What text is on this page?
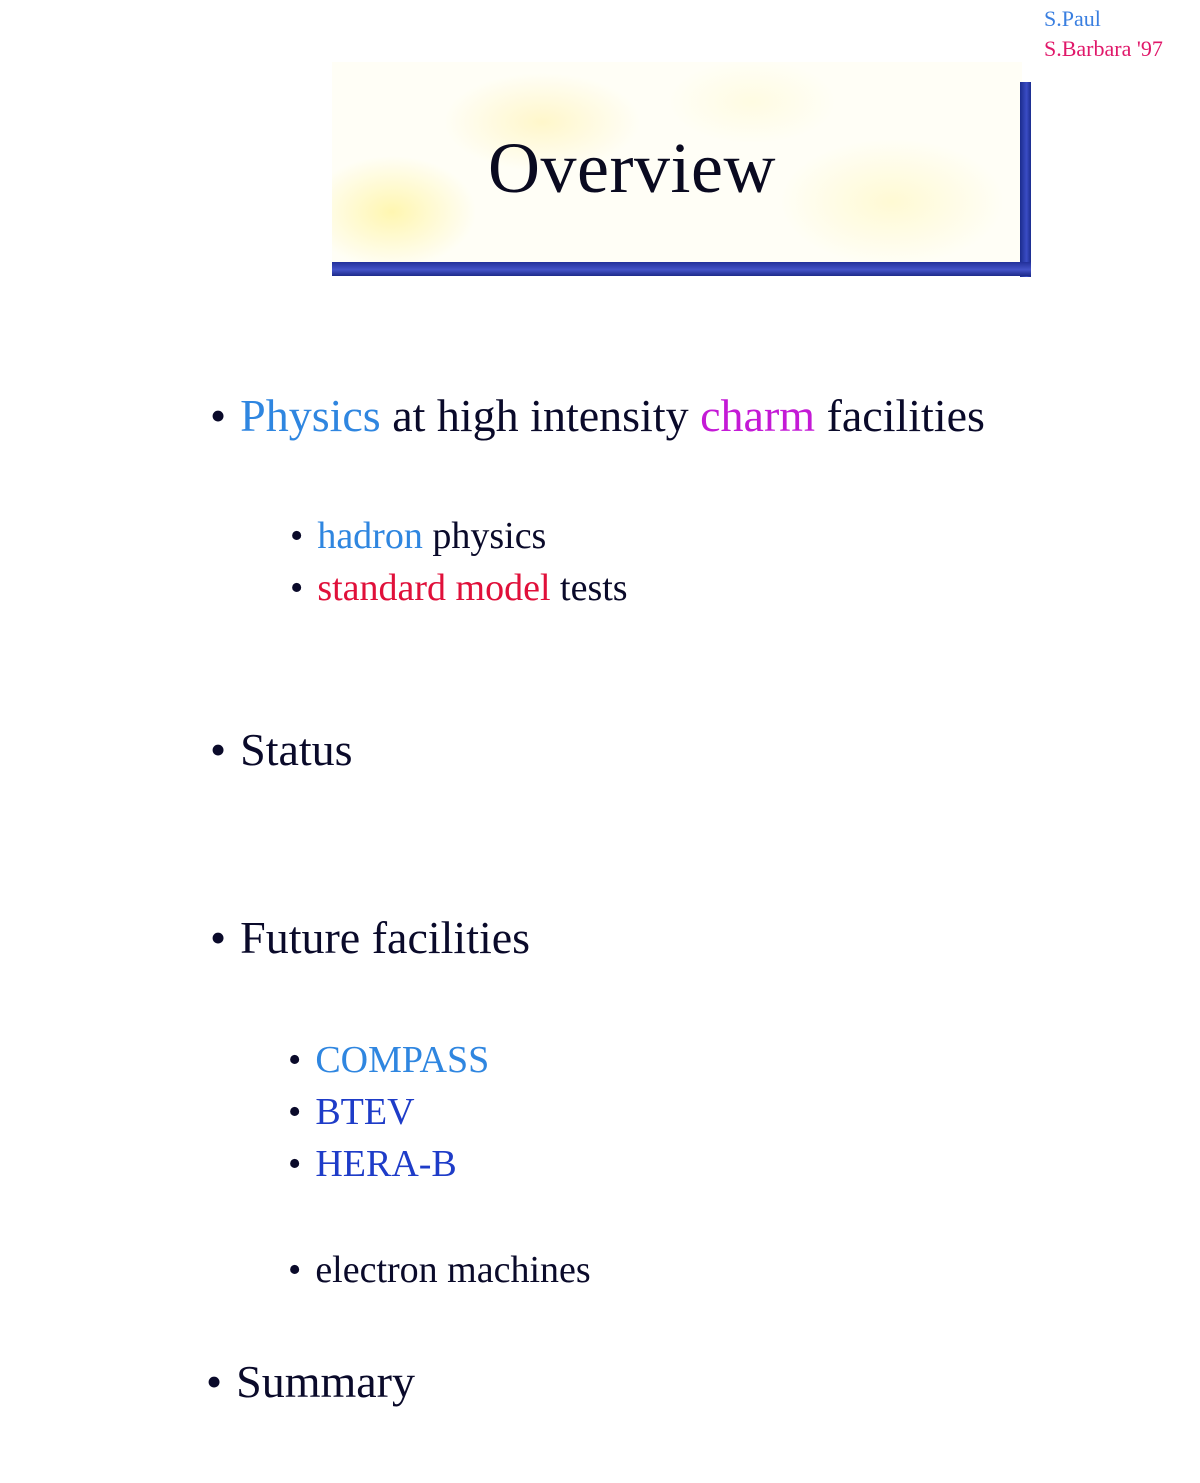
S.Paul
S.Barbara '97
Overview
• Physics at high intensity charm facilities
• hadron physics
• standard model tests
• Status
• Future facilities
• COMPASS
• BTEV
• HERA-B
• electron machines
• Summary
